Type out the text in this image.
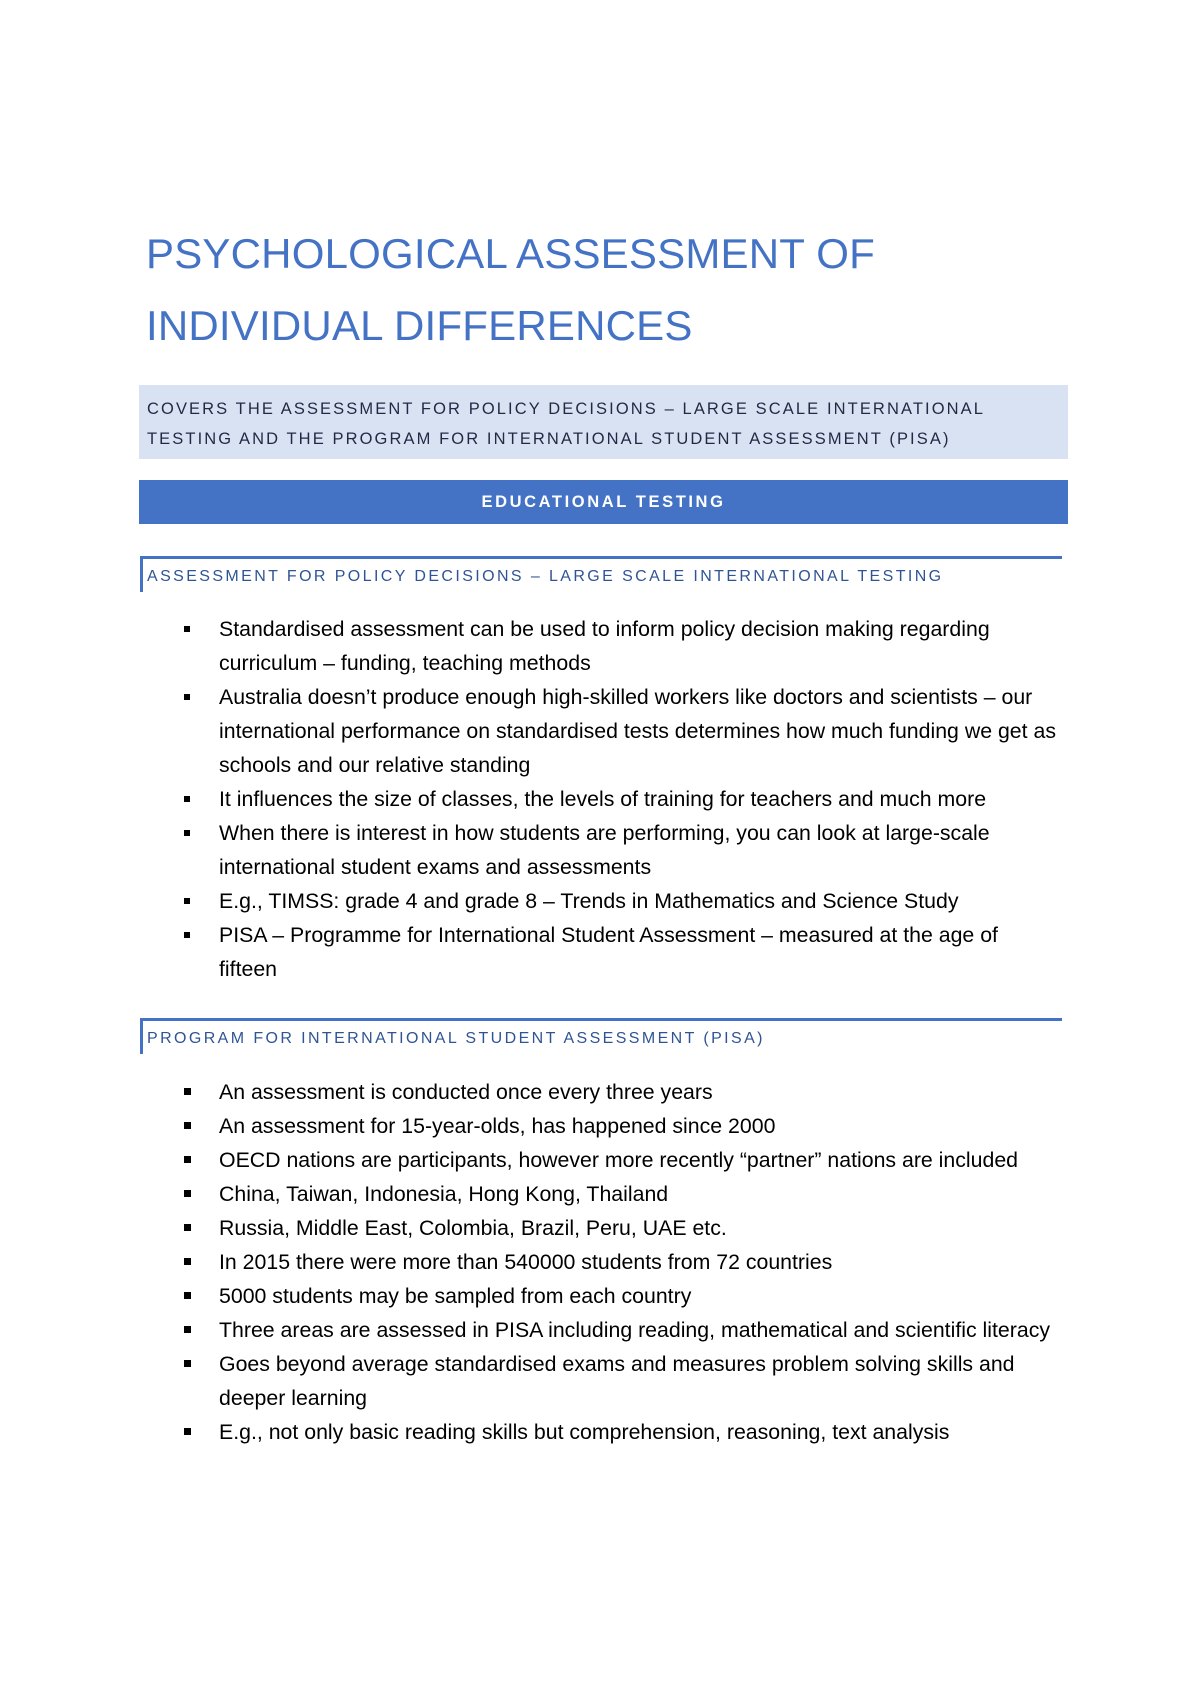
PSYCHOLOGICAL ASSESSMENT OF
INDIVIDUAL DIFFERENCES
COVERS THE ASSESSMENT FOR POLICY DECISIONS – LARGE SCALE INTERNATIONAL
TESTING AND THE PROGRAM FOR INTERNATIONAL STUDENT ASSESSMENT (PISA)
EDUCATIONAL TESTING
ASSESSMENT FOR POLICY DECISIONS – LARGE SCALE INTERNATIONAL TESTING
Standardised assessment can be used to inform policy decision making regarding curriculum – funding, teaching methods
Australia doesn’t produce enough high-skilled workers like doctors and scientists – our international performance on standardised tests determines how much funding we get as schools and our relative standing
It influences the size of classes, the levels of training for teachers and much more
When there is interest in how students are performing, you can look at large-scale international student exams and assessments
E.g., TIMSS: grade 4 and grade 8 – Trends in Mathematics and Science Study
PISA – Programme for International Student Assessment – measured at the age of fifteen
PROGRAM FOR INTERNATIONAL STUDENT ASSESSMENT (PISA)
An assessment is conducted once every three years
An assessment for 15-year-olds, has happened since 2000
OECD nations are participants, however more recently “partner” nations are included
China, Taiwan, Indonesia, Hong Kong, Thailand
Russia, Middle East, Colombia, Brazil, Peru, UAE etc.
In 2015 there were more than 540000 students from 72 countries
5000 students may be sampled from each country
Three areas are assessed in PISA including reading, mathematical and scientific literacy
Goes beyond average standardised exams and measures problem solving skills and deeper learning
E.g., not only basic reading skills but comprehension, reasoning, text analysis
